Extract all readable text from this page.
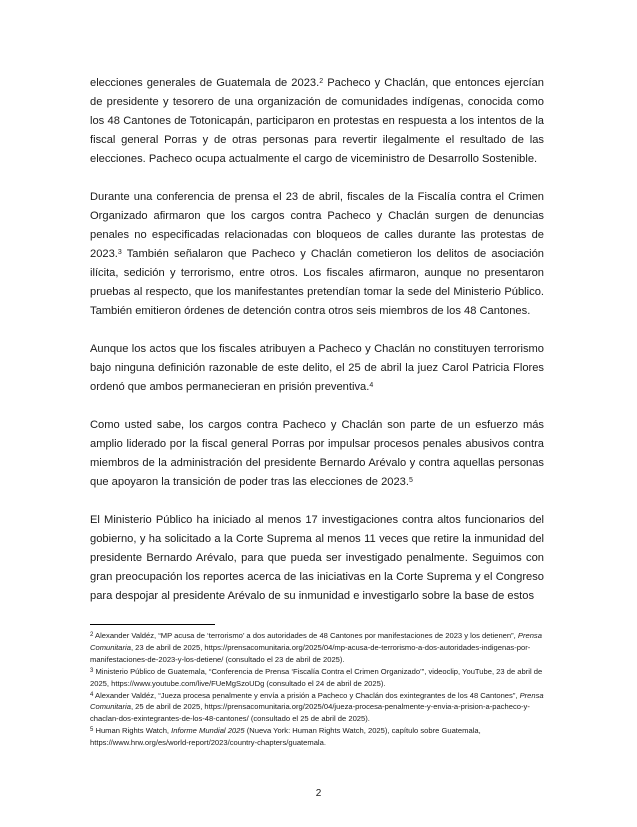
elecciones generales de Guatemala de 2023.$^2$ Pacheco y Chaclán, que entonces ejercían de presidente y tesorero de una organización de comunidades indígenas, conocida como los 48 Cantones de Totonicapán, participaron en protestas en respuesta a los intentos de la fiscal general Porras y de otras personas para revertir ilegalmente el resultado de las elecciones. Pacheco ocupa actualmente el cargo de viceministro de Desarrollo Sostenible.

Durante una conferencia de prensa el 23 de abril, fiscales de la Fiscalía contra el Crimen Organizado afirmaron que los cargos contra Pacheco y Chaclán surgen de denuncias penales no especificadas relacionadas con bloqueos de calles durante las protestas de 2023.$^3$ También señalaron que Pacheco y Chaclán cometieron los delitos de asociación ilícita, sedición y terrorismo, entre otros. Los fiscales afirmaron, aunque no presentaron pruebas al respecto, que los manifestantes pretendían tomar la sede del Ministerio Público. También emitieron órdenes de detención contra otros seis miembros de los 48 Cantones.

Aunque los actos que los fiscales atribuyen a Pacheco y Chaclán no constituyen terrorismo bajo ninguna definición razonable de este delito, el 25 de abril la juez Carol Patricia Flores ordenó que ambos permanecieran en prisión preventiva.$^4$

Como usted sabe, los cargos contra Pacheco y Chaclán son parte de un esfuerzo más amplio liderado por la fiscal general Porras por impulsar procesos penales abusivos contra miembros de la administración del presidente Bernardo Arévalo y contra aquellas personas que apoyaron la transición de poder tras las elecciones de 2023.$^5$

El Ministerio Público ha iniciado al menos 17 investigaciones contra altos funcionarios del gobierno, y ha solicitado a la Corte Suprema al menos 11 veces que retire la inmunidad del presidente Bernardo Arévalo, para que pueda ser investigado penalmente. Seguimos con gran preocupación los reportes acerca de las iniciativas en la Corte Suprema y el Congreso para despojar al presidente Arévalo de su inmunidad e investigarlo sobre la base de estos

$^2$ Alexander Valdéz, “MP acusa de ‘terrorismo’ a dos autoridades de 48 Cantones por manifestaciones de 2023 y los detienen”, Prensa Comunitaria, 23 de abril de 2025, https://prensacomunitaria.org/2025/04/mp-acusa-de-terrorismo-a-dos-autoridades-indigenas-por-manifestaciones-de-2023-y-los-detiene/ (consultado el 23 de abril de 2025).

$^3$ Ministerio Público de Guatemala, “Conferencia de Prensa ‘Fiscalía Contra el Crimen Organizado’”, videoclip, YouTube, 23 de abril de 2025, https://www.youtube.com/live/FUeMgSzoUDg (consultado el 24 de abril de 2025).

$^4$ Alexander Valdéz, “Jueza procesa penalmente y envía a prisión a Pacheco y Chaclán dos exintegrantes de los 48 Cantones”, Prensa Comunitaria, 25 de abril de 2025, https://prensacomunitaria.org/2025/04/jueza-procesa-penalmente-y-envia-a-prision-a-pacheco-y-chaclan-dos-exintegrantes-de-los-48-cantones/ (consultado el 25 de abril de 2025).

$^5$ Human Rights Watch, Informe Mundial 2025 (Nueva York: Human Rights Watch, 2025), capítulo sobre Guatemala, https://www.hrw.org/es/world-report/2023/country-chapters/guatemala.

2
